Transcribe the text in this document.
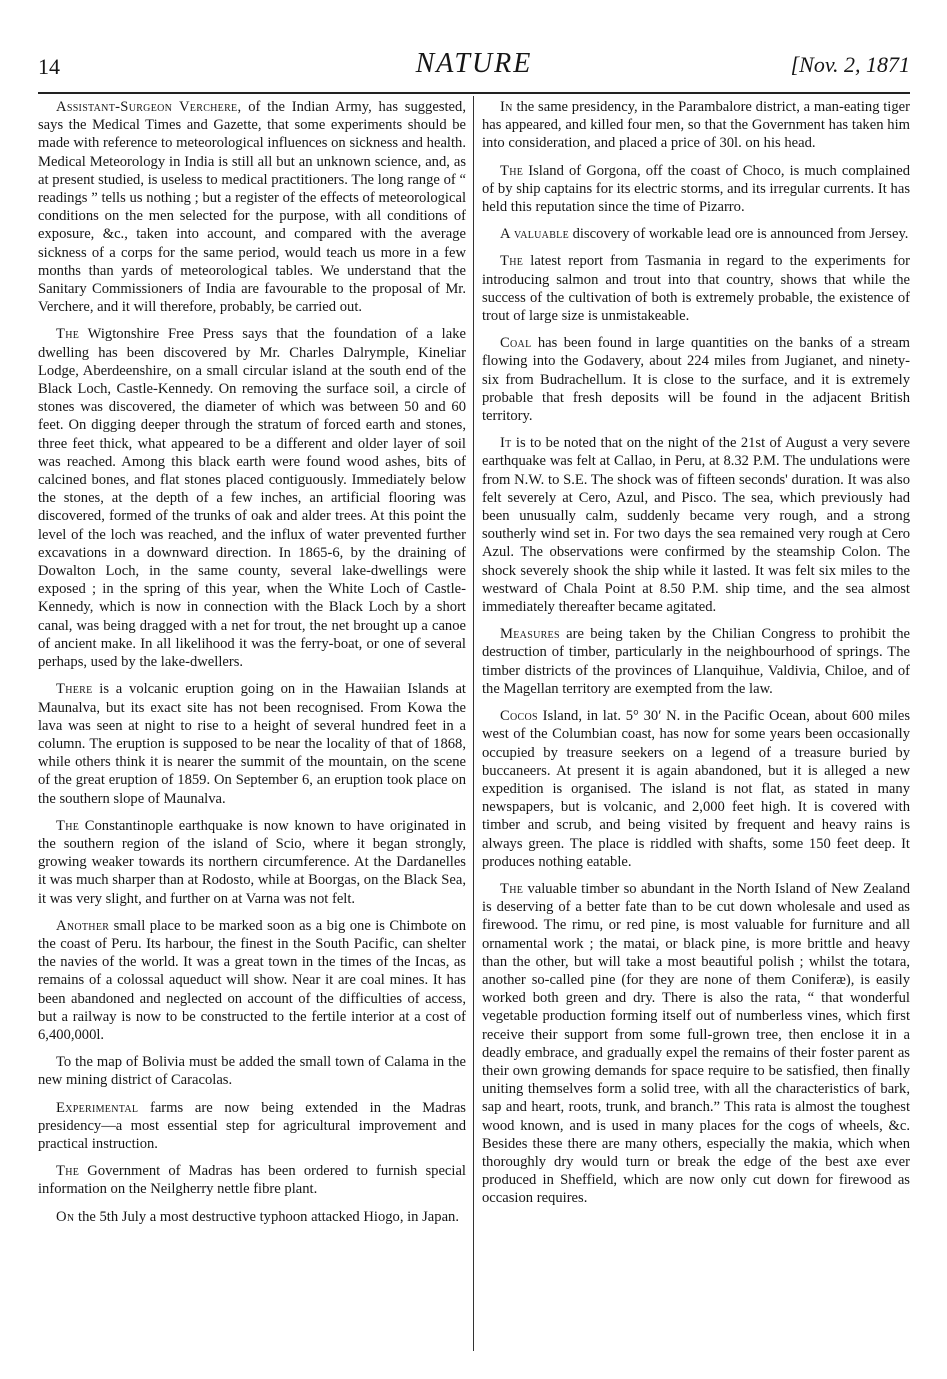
14	NATURE	[Nov. 2, 1871

Assistant-Surgeon Verchere, of the Indian Army, has suggested, says the Medical Times and Gazette, that some experiments should be made with reference to meteorological influences on sickness and health. Medical Meteorology in India is still all but an unknown science, and, as at present studied, is useless to medical practitioners. The long range of “ readings ” tells us nothing ; but a register of the effects of meteorological conditions on the men selected for the purpose, with all conditions of exposure, &c., taken into account, and compared with the average sickness of a corps for the same period, would teach us more in a few months than yards of meteorological tables. We understand that the Sanitary Commissioners of India are favourable to the proposal of Mr. Verchere, and it will therefore, probably, be carried out.

The Wigtonshire Free Press says that the foundation of a lake dwelling has been discovered by Mr. Charles Dalrymple, Kineliar Lodge, Aberdeenshire, on a small circular island at the south end of the Black Loch, Castle-Kennedy. On removing the surface soil, a circle of stones was discovered, the diameter of which was between 50 and 60 feet. On digging deeper through the stratum of forced earth and stones, three feet thick, what appeared to be a different and older layer of soil was reached. Among this black earth were found wood ashes, bits of calcined bones, and flat stones placed contiguously. Immediately below the stones, at the depth of a few inches, an artificial flooring was discovered, formed of the trunks of oak and alder trees. At this point the level of the loch was reached, and the influx of water prevented further excavations in a downward direction. In 1865-6, by the draining of Dowalton Loch, in the same county, several lake-dwellings were exposed ; in the spring of this year, when the White Loch of Castle-Kennedy, which is now in connection with the Black Loch by a short canal, was being dragged with a net for trout, the net brought up a canoe of ancient make. In all likelihood it was the ferry-boat, or one of several perhaps, used by the lake-dwellers.

There is a volcanic eruption going on in the Hawaiian Islands at Maunalva, but its exact site has not been recognised. From Kowa the lava was seen at night to rise to a height of several hundred feet in a column. The eruption is supposed to be near the locality of that of 1868, while others think it is nearer the summit of the mountain, on the scene of the great eruption of 1859. On September 6, an eruption took place on the southern slope of Maunalva.

The Constantinople earthquake is now known to have originated in the southern region of the island of Scio, where it began strongly, growing weaker towards its northern circumference. At the Dardanelles it was much sharper than at Rodosto, while at Boorgas, on the Black Sea, it was very slight, and further on at Varna was not felt.

Another small place to be marked soon as a big one is Chimbote on the coast of Peru. Its harbour, the finest in the South Pacific, can shelter the navies of the world. It was a great town in the times of the Incas, as remains of a colossal aqueduct will show. Near it are coal mines. It has been abandoned and neglected on account of the difficulties of access, but a railway is now to be constructed to the fertile interior at a cost of 6,400,000l.

To the map of Bolivia must be added the small town of Calama in the new mining district of Caracolas.

Experimental farms are now being extended in the Madras presidency—a most essential step for agricultural improvement and practical instruction.

The Government of Madras has been ordered to furnish special information on the Neilgherry nettle fibre plant.

On the 5th July a most destructive typhoon attacked Hiogo, in Japan.

In the same presidency, in the Parambalore district, a man-eating tiger has appeared, and killed four men, so that the Government has taken him into consideration, and placed a price of 30l. on his head.

The Island of Gorgona, off the coast of Choco, is much complained of by ship captains for its electric storms, and its irregular currents. It has held this reputation since the time of Pizarro.

A valuable discovery of workable lead ore is announced from Jersey.

The latest report from Tasmania in regard to the experiments for introducing salmon and trout into that country, shows that while the success of the cultivation of both is extremely probable, the existence of trout of large size is unmistakeable.

Coal has been found in large quantities on the banks of a stream flowing into the Godavery, about 224 miles from Jugianet, and ninety-six from Budrachellum. It is close to the surface, and it is extremely probable that fresh deposits will be found in the adjacent British territory.

It is to be noted that on the night of the 21st of August a very severe earthquake was felt at Callao, in Peru, at 8.32 P.M. The undulations were from N.W. to S.E. The shock was of fifteen seconds' duration. It was also felt severely at Cero, Azul, and Pisco. The sea, which previously had been unusually calm, suddenly became very rough, and a strong southerly wind set in. For two days the sea remained very rough at Cero Azul. The observations were confirmed by the steamship Colon. The shock severely shook the ship while it lasted. It was felt six miles to the westward of Chala Point at 8.50 P.M. ship time, and the sea almost immediately thereafter became agitated.

Measures are being taken by the Chilian Congress to prohibit the destruction of timber, particularly in the neighbourhood of springs. The timber districts of the provinces of Llanquihue, Valdivia, Chiloe, and of the Magellan territory are exempted from the law.

Cocos Island, in lat. 5° 30′ N. in the Pacific Ocean, about 600 miles west of the Columbian coast, has now for some years been occasionally occupied by treasure seekers on a legend of a treasure buried by buccaneers. At present it is again abandoned, but it is alleged a new expedition is organised. The island is not flat, as stated in many newspapers, but is volcanic, and 2,000 feet high. It is covered with timber and scrub, and being visited by frequent and heavy rains is always green. The place is riddled with shafts, some 150 feet deep. It produces nothing eatable.

The valuable timber so abundant in the North Island of New Zealand is deserving of a better fate than to be cut down wholesale and used as firewood. The rimu, or red pine, is most valuable for furniture and all ornamental work ; the matai, or black pine, is more brittle and heavy than the other, but will take a most beautiful polish ; whilst the totara, another so-called pine (for they are none of them Coniferæ), is easily worked both green and dry. There is also the rata, “ that wonderful vegetable production forming itself out of numberless vines, which first receive their support from some full-grown tree, then enclose it in a deadly embrace, and gradually expel the remains of their foster parent as their own growing demands for space require to be satisfied, then finally uniting themselves form a solid tree, with all the characteristics of bark, sap and heart, roots, trunk, and branch.” This rata is almost the toughest wood known, and is used in many places for the cogs of wheels, &c. Besides these there are many others, especially the makia, which when thoroughly dry would turn or break the edge of the best axe ever produced in Sheffield, which are now only cut down for firewood as occasion requires.
